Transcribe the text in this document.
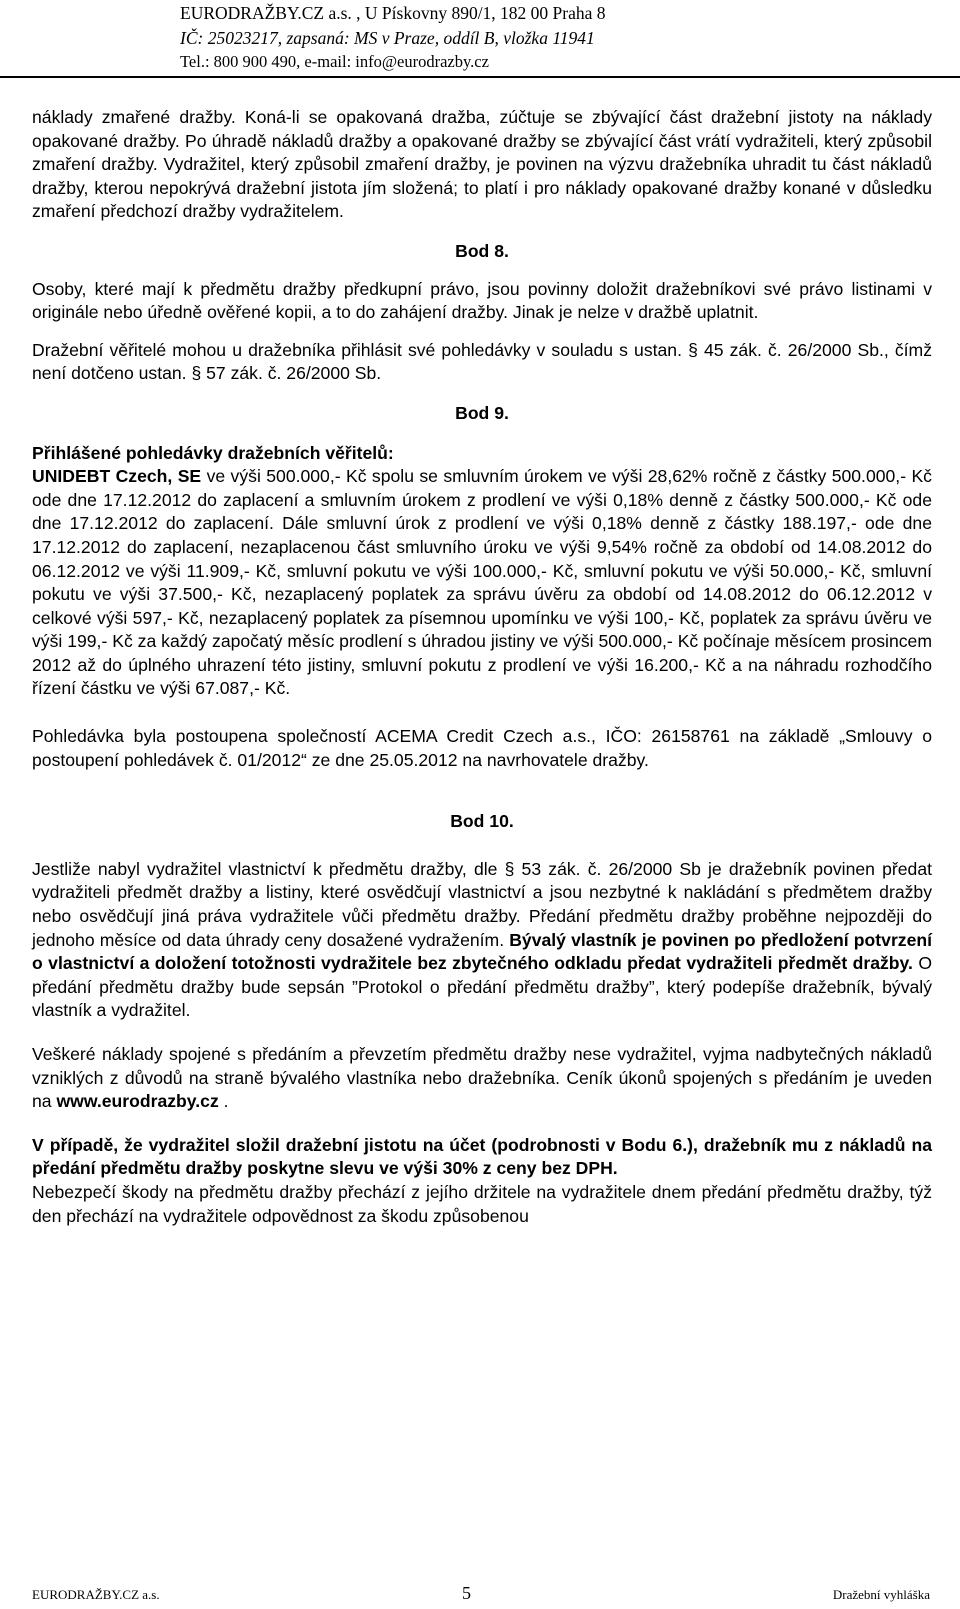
EURODRAŽBY.CZ a.s. , U Pískovny 890/1, 182 00 Praha 8
IČ: 25023217, zapsaná: MS v Praze, oddíl B, vložka 11941
Tel.: 800 900 490, e-mail: info@eurodrazby.cz

náklady zmařené dražby. Koná-li se opakovaná dražba, zúčtuje se zbývající část dražební jistoty na náklady opakované dražby. Po úhradě nákladů dražby a opakované dražby se zbývající část vrátí vydražiteli, který způsobil zmaření dražby. Vydražitel, který způsobil zmaření dražby, je povinen na výzvu dražebníka uhradit tu část nákladů dražby, kterou nepokrývá dražební jistota jím složená; to platí i pro náklady opakované dražby konané v důsledku zmaření předchozí dražby vydražitelem.

Bod 8.

Osoby, které mají k předmětu dražby předkupní právo, jsou povinny doložit dražebníkovi své právo listinami v originále nebo úředně ověřené kopii, a to do zahájení dražby. Jinak je nelze v dražbě uplatnit.

Dražební věřitelé mohou u dražebníka přihlásit své pohledávky v souladu s ustan. § 45 zák. č. 26/2000 Sb., čímž není dotčeno ustan. § 57 zák. č. 26/2000 Sb.

Bod 9.

Přihlášené pohledávky dražebních věřitelů:

UNIDEBT Czech, SE ve výši 500.000,- Kč spolu se smluvním úrokem ve výši 28,62% ročně z částky 500.000,- Kč ode dne 17.12.2012 do zaplacení a smluvním úrokem z prodlení ve výši 0,18% denně z částky 500.000,- Kč ode dne 17.12.2012 do zaplacení. Dále smluvní úrok z prodlení ve výši 0,18% denně z částky 188.197,- ode dne 17.12.2012 do zaplacení, nezaplacenou část smluvního úroku ve výši 9,54% ročně za období od 14.08.2012 do 06.12.2012 ve výši 11.909,- Kč, smluvní pokutu ve výši 100.000,- Kč, smluvní pokutu ve výši 50.000,- Kč, smluvní pokutu ve výši 37.500,- Kč, nezaplacený poplatek za správu úvěru za období od 14.08.2012 do 06.12.2012 v celkové výši 597,- Kč, nezaplacený poplatek za písemnou upomínku ve výši 100,- Kč, poplatek za správu úvěru ve výši 199,- Kč za každý započatý měsíc prodlení s úhradou jistiny ve výši 500.000,- Kč počínaje měsícem prosincem 2012 až do úplného uhrazení této jistiny, smluvní pokutu z prodlení ve výši 16.200,- Kč a na náhradu rozhodčího řízení částku ve výši 67.087,- Kč.

Pohledávka byla postoupena společností ACEMA Credit Czech a.s., IČO: 26158761 na základě „Smlouvy o postoupení pohledávek č. 01/2012“ ze dne 25.05.2012 na navrhovatele dražby.

Bod 10.

Jestliže nabyl vydražitel vlastnictví k předmětu dražby, dle § 53 zák. č. 26/2000 Sb je dražebník povinen předat vydražiteli předmět dražby a listiny, které osvědčují vlastnictví a jsou nezbytné k nakládání s předmětem dražby nebo osvědčují jiná práva vydražitele vůči předmětu dražby. Předání předmětu dražby proběhne nejpozději do jednoho měsíce od data úhrady ceny dosažené vydražením. Bývalý vlastník je povinen po předložení potvrzení o vlastnictví a doložení totožnosti vydražitele bez zbytečného odkladu předat vydražiteli předmět dražby. O předání předmětu dražby bude sepsán ”Protokol o předání předmětu dražby”, který podepíše dražebník, bývalý vlastník a vydražitel.

Veškeré náklady spojené s předáním a převzetím předmětu dražby nese vydražitel, vyjma nadbytečných nákladů vzniklých z důvodů na straně bývalého vlastníka nebo dražebníka. Ceník úkonů spojených s předáním je uveden na www.eurodrazby.cz .

V případě, že vydražitel složil dražební jistotu na účet (podrobnosti v Bodu 6.), dražebník mu z nákladů na předání předmětu dražby poskytne slevu ve výši 30% z ceny bez DPH.

Nebezpečí škody na předmětu dražby přechází z jejího držitele na vydražitele dnem předání předmětu dražby, týž den přechází na vydražitele odpovědnost za škodu způsobenou

EURODRAŽBY.CZ a.s.	5	Dražební vyhláška
